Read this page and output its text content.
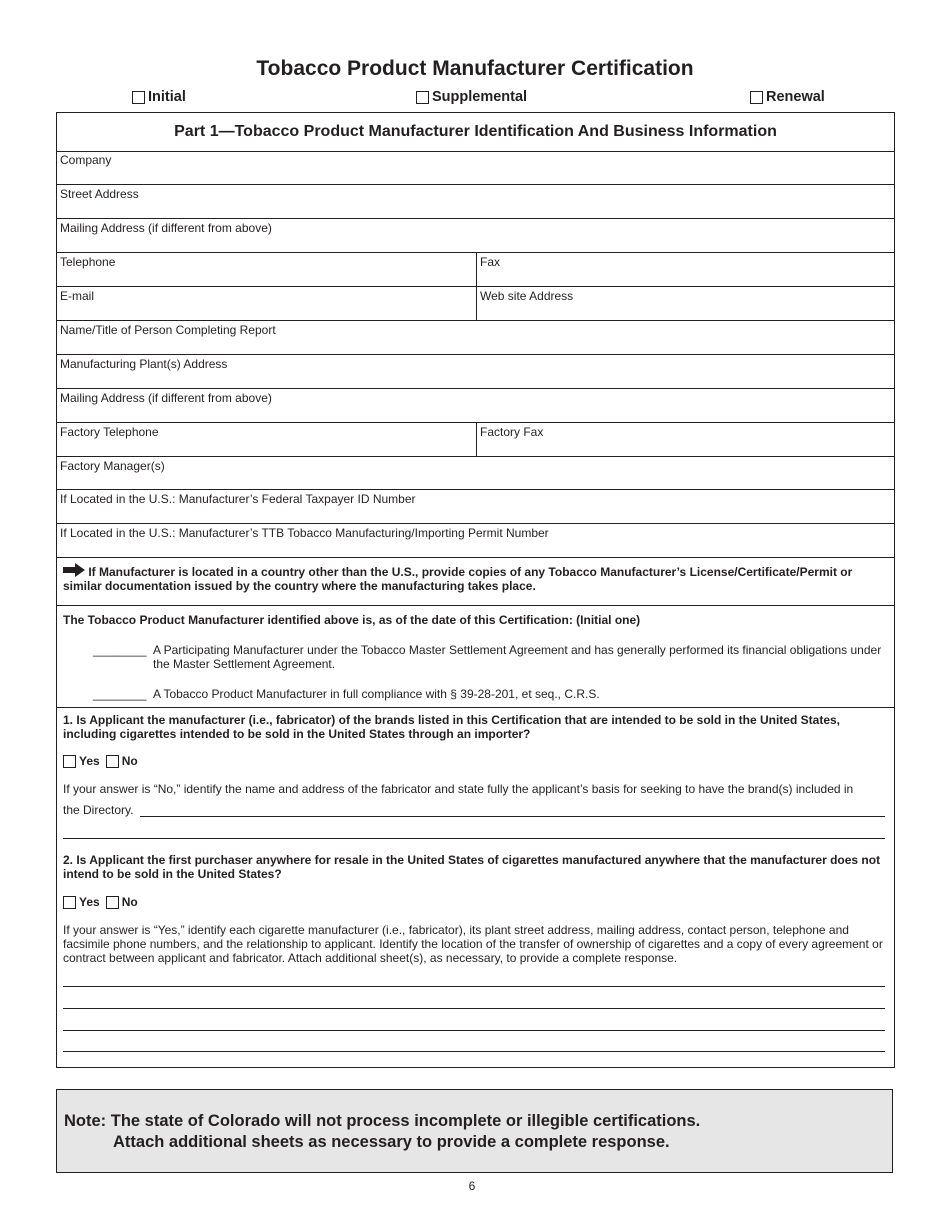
Tobacco Product Manufacturer Certification
Initial	Supplemental	Renewal
Part 1—Tobacco Product Manufacturer Identification And Business Information
Company
Street Address
Mailing Address (if different from above)
Telephone	Fax
E-mail	Web site Address
Name/Title of Person Completing Report
Manufacturing Plant(s) Address
Mailing Address (if different from above)
Factory Telephone	Factory Fax
Factory Manager(s)
If Located in the U.S.: Manufacturer’s Federal Taxpayer ID Number
If Located in the U.S.: Manufacturer’s TTB Tobacco Manufacturing/Importing Permit Number
If Manufacturer is located in a country other than the U.S., provide copies of any Tobacco Manufacturer’s License/Certificate/Permit or similar documentation issued by the country where the manufacturing takes place.
The Tobacco Product Manufacturer identified above is, as of the date of this Certification: (Initial one)
________ A Participating Manufacturer under the Tobacco Master Settlement Agreement and has generally performed its financial obligations under the Master Settlement Agreement.
________ A Tobacco Product Manufacturer in full compliance with § 39-28-201, et seq., C.R.S.
1. Is Applicant the manufacturer (i.e., fabricator) of the brands listed in this Certification that are intended to be sold in the United States, including cigarettes intended to be sold in the United States through an importer?
Yes No
If your answer is “No,” identify the name and address of the fabricator and state fully the applicant’s basis for seeking to have the brand(s) included in
the Directory.
2. Is Applicant the first purchaser anywhere for resale in the United States of cigarettes manufactured anywhere that the manufacturer does not intend to be sold in the United States?
Yes No
If your answer is “Yes,” identify each cigarette manufacturer (i.e., fabricator), its plant street address, mailing address, contact person, telephone and facsimile phone numbers, and the relationship to applicant. Identify the location of the transfer of ownership of cigarettes and a copy of every agreement or contract between applicant and fabricator. Attach additional sheet(s), as necessary, to provide a complete response.
Note: The state of Colorado will not process incomplete or illegible certifications.
Attach additional sheets as necessary to provide a complete response.
6
